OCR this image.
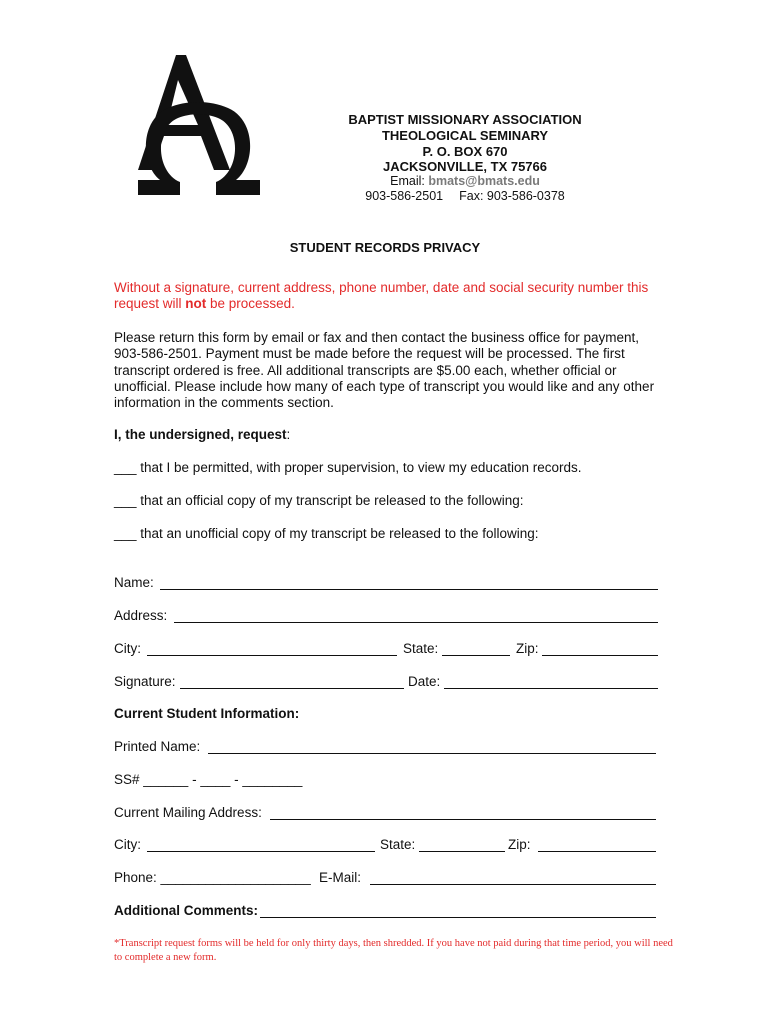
BAPTIST MISSIONARY ASSOCIATION
THEOLOGICAL SEMINARY
P. O. BOX 670
JACKSONVILLE, TX 75766
Email: bmats@bmats.edu
903-586-2501 Fax: 903-586-0378
STUDENT RECORDS PRIVACY
Without a signature, current address, phone number, date and social security number this request will not be processed.
Please return this form by email or fax and then contact the business office for payment, 903-586-2501. Payment must be made before the request will be processed. The first transcript ordered is free. All additional transcripts are $5.00 each, whether official or unofficial. Please include how many of each type of transcript you would like and any other information in the comments section.
I, the undersigned, request:
___ that I be permitted, with proper supervision, to view my education records.
___ that an official copy of my transcript be released to the following:
___ that an unofficial copy of my transcript be released to the following:
Name:
Address:
City:	State:	Zip:
Signature:	Date:
Current Student Information:
Printed Name:
SS# ______ - ____ - ________
Current Mailing Address:
City:	State:	Zip:
Phone: ____________________ E-Mail:
Additional Comments:
*Transcript request forms will be held for only thirty days, then shredded. If you have not paid during that time period, you will need to complete a new form.
